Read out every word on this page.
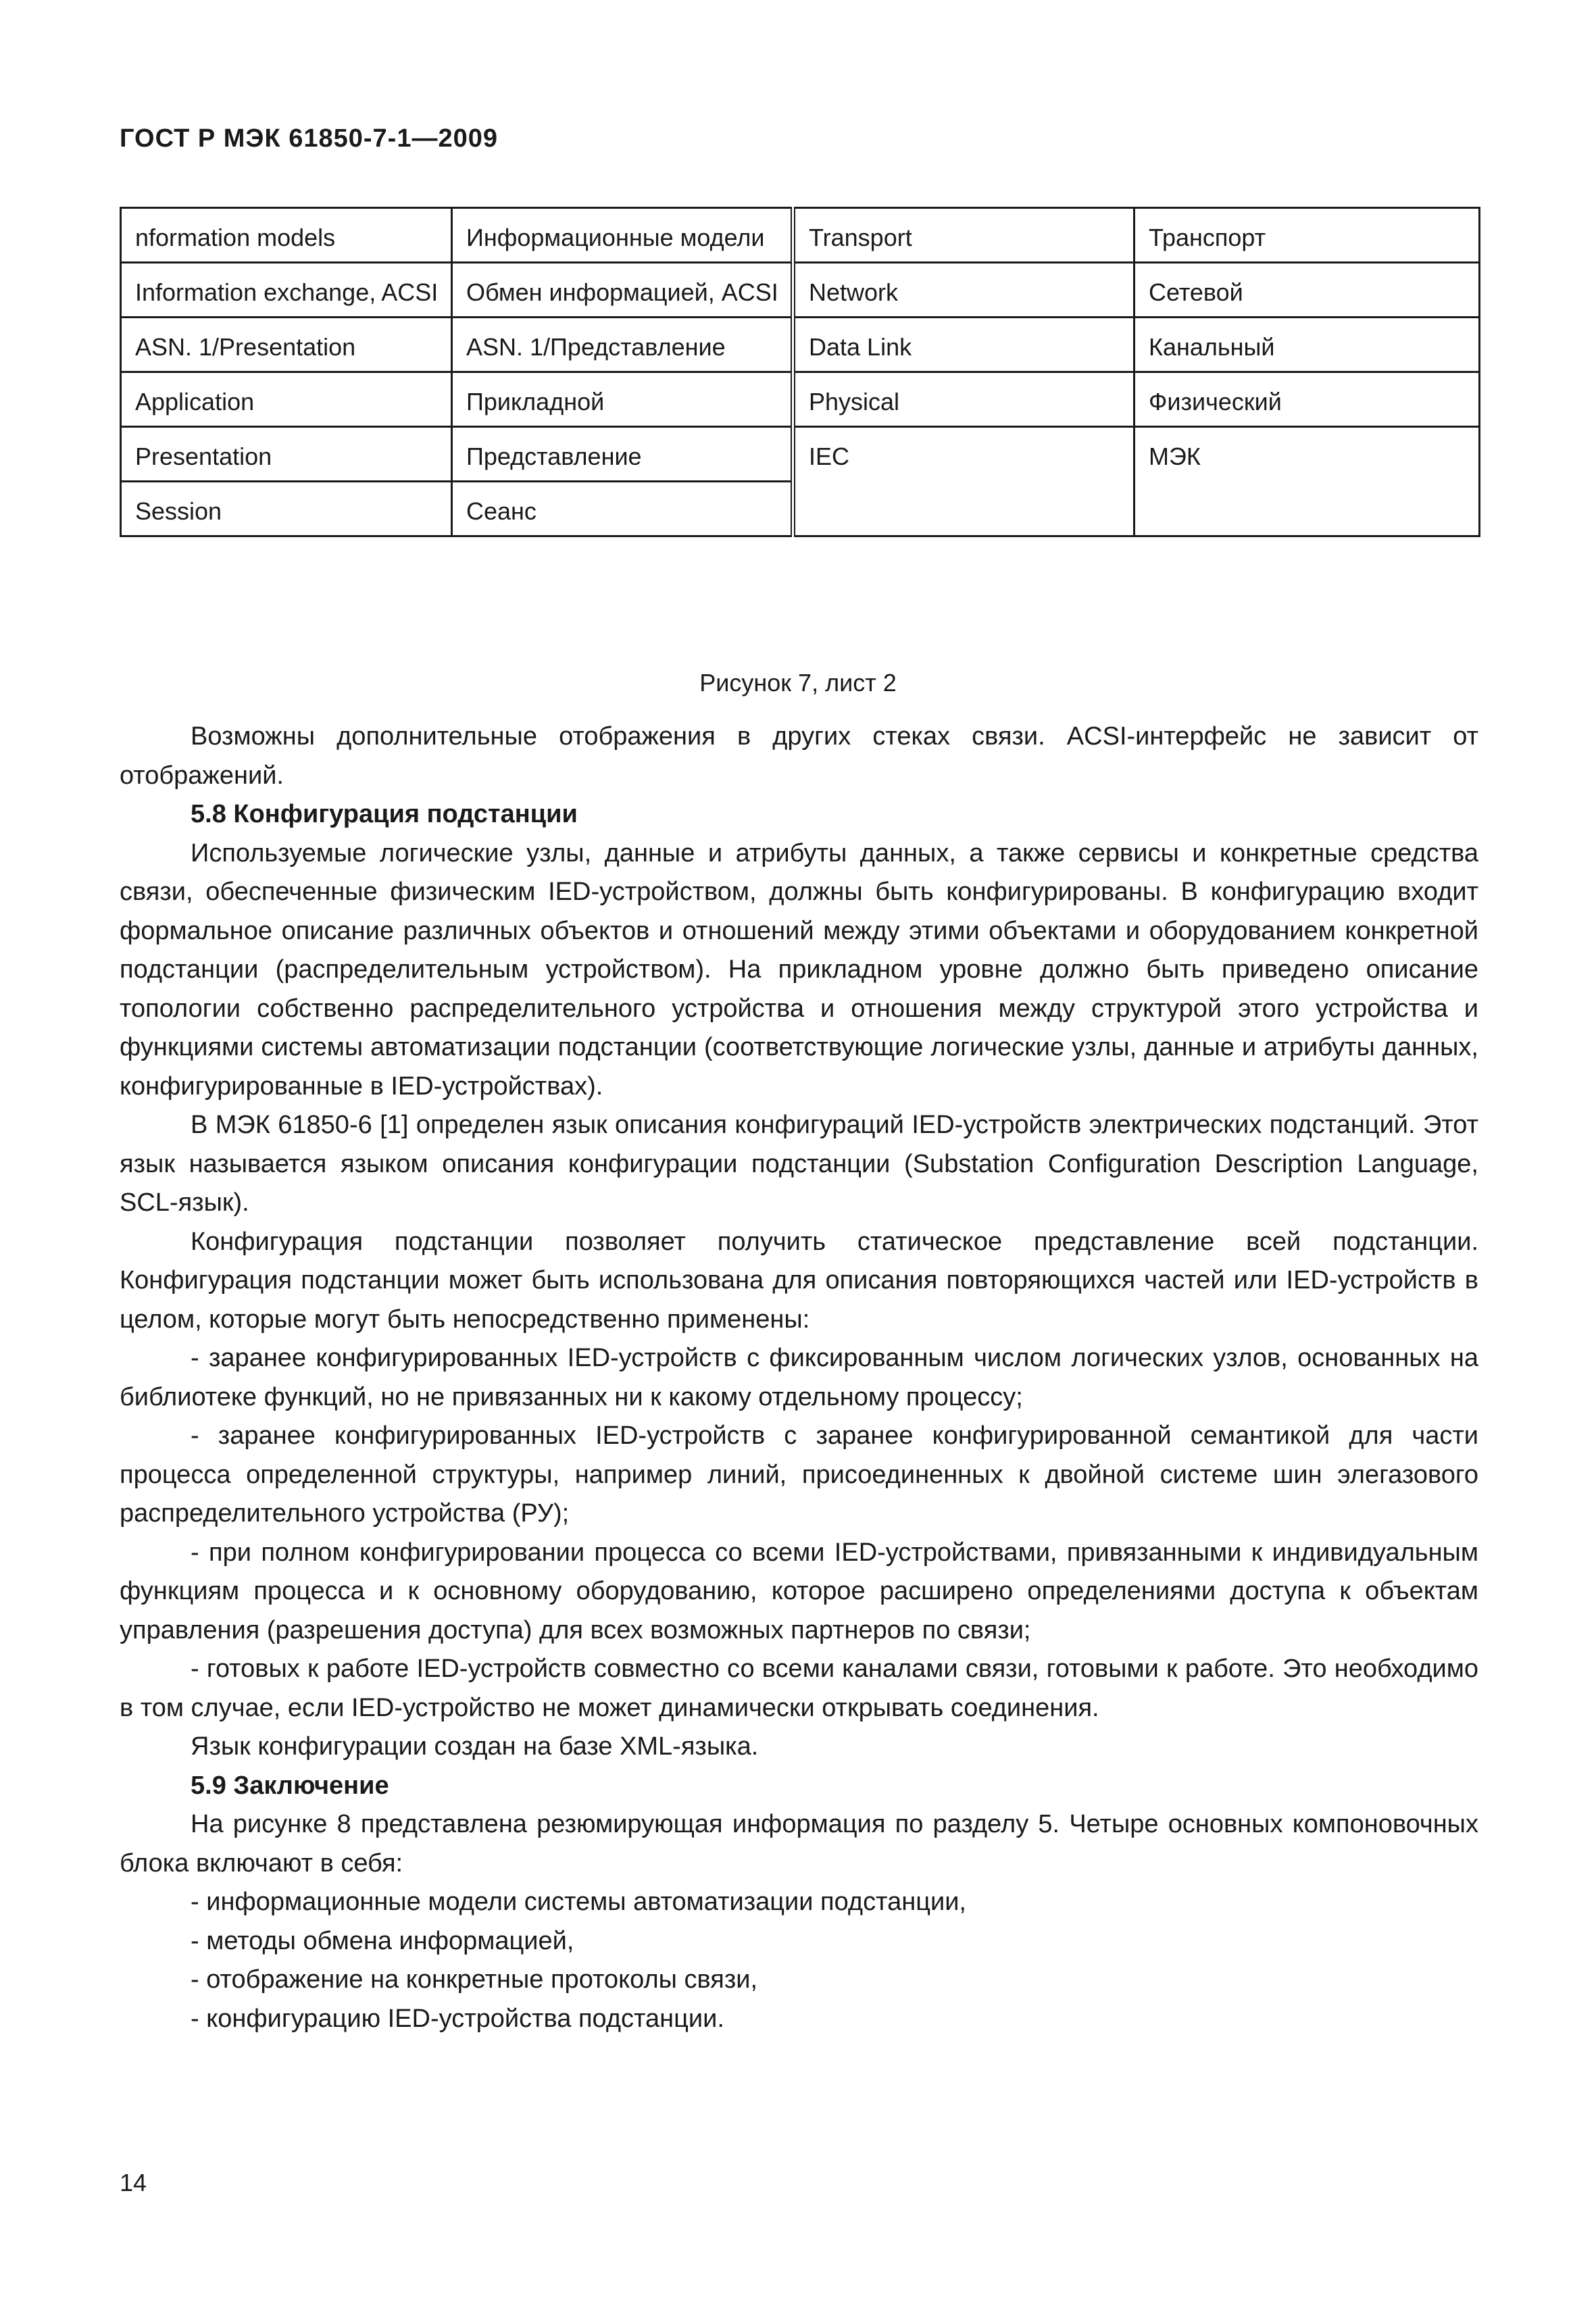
ГОСТ Р МЭК 61850-7-1—2009
nformation models	Информационные модели	Transport	Транспорт
Information exchange, ACSI	Обмен информацией, ACSI	Network	Сетевой
ASN. 1/Presentation	ASN. 1/Представление	Data Link	Канальный
Application	Прикладной	Physical	Физический
Presentation	Представление	IEC	МЭК
Session	Сеанс		
Рисунок 7, лист 2

Возможны дополнительные отображения в других стеках связи. ACSI-интерфейс не зависит от отображений.

5.8 Конфигурация подстанции

Используемые логические узлы, данные и атрибуты данных, а также сервисы и конкретные средства связи, обеспеченные физическим IED-устройством, должны быть конфигурированы. В конфигурацию входит формальное описание различных объектов и отношений между этими объектами и оборудованием конкретной подстанции (распределительным устройством). На прикладном уровне должно быть приведено описание топологии собственно распределительного устройства и отношения между структурой этого устройства и функциями системы автоматизации подстанции (соответствующие логические узлы, данные и атрибуты данных, конфигурированные в IED-устройствах).

В МЭК 61850-6 [1] определен язык описания конфигураций IED-устройств электрических подстанций. Этот язык называется языком описания конфигурации подстанции (Substation Configuration Description Language, SCL-язык).

Конфигурация подстанции позволяет получить статическое представление всей подстанции. Конфигурация подстанции может быть использована для описания повторяющихся частей или IED-устройств в целом, которые могут быть непосредственно применены:

- заранее конфигурированных IED-устройств с фиксированным числом логических узлов, основанных на библиотеке функций, но не привязанных ни к какому отдельному процессу;

- заранее конфигурированных IED-устройств с заранее конфигурированной семантикой для части процесса определенной структуры, например линий, присоединенных к двойной системе шин элегазового распределительного устройства (РУ);

- при полном конфигурировании процесса со всеми IED-устройствами, привязанными к индивидуальным функциям процесса и к основному оборудованию, которое расширено определениями доступа к объектам управления (разрешения доступа) для всех возможных партнеров по связи;

- готовых к работе IED-устройств совместно со всеми каналами связи, готовыми к работе. Это необходимо в том случае, если IED-устройство не может динамически открывать соединения.

Язык конфигурации создан на базе XML-языка.

5.9 Заключение

На рисунке 8 представлена резюмирующая информация по разделу 5. Четыре основных компоновочных блока включают в себя:

- информационные модели системы автоматизации подстанции,

- методы обмена информацией,

- отображение на конкретные протоколы связи,

- конфигурацию IED-устройства подстанции.

14
